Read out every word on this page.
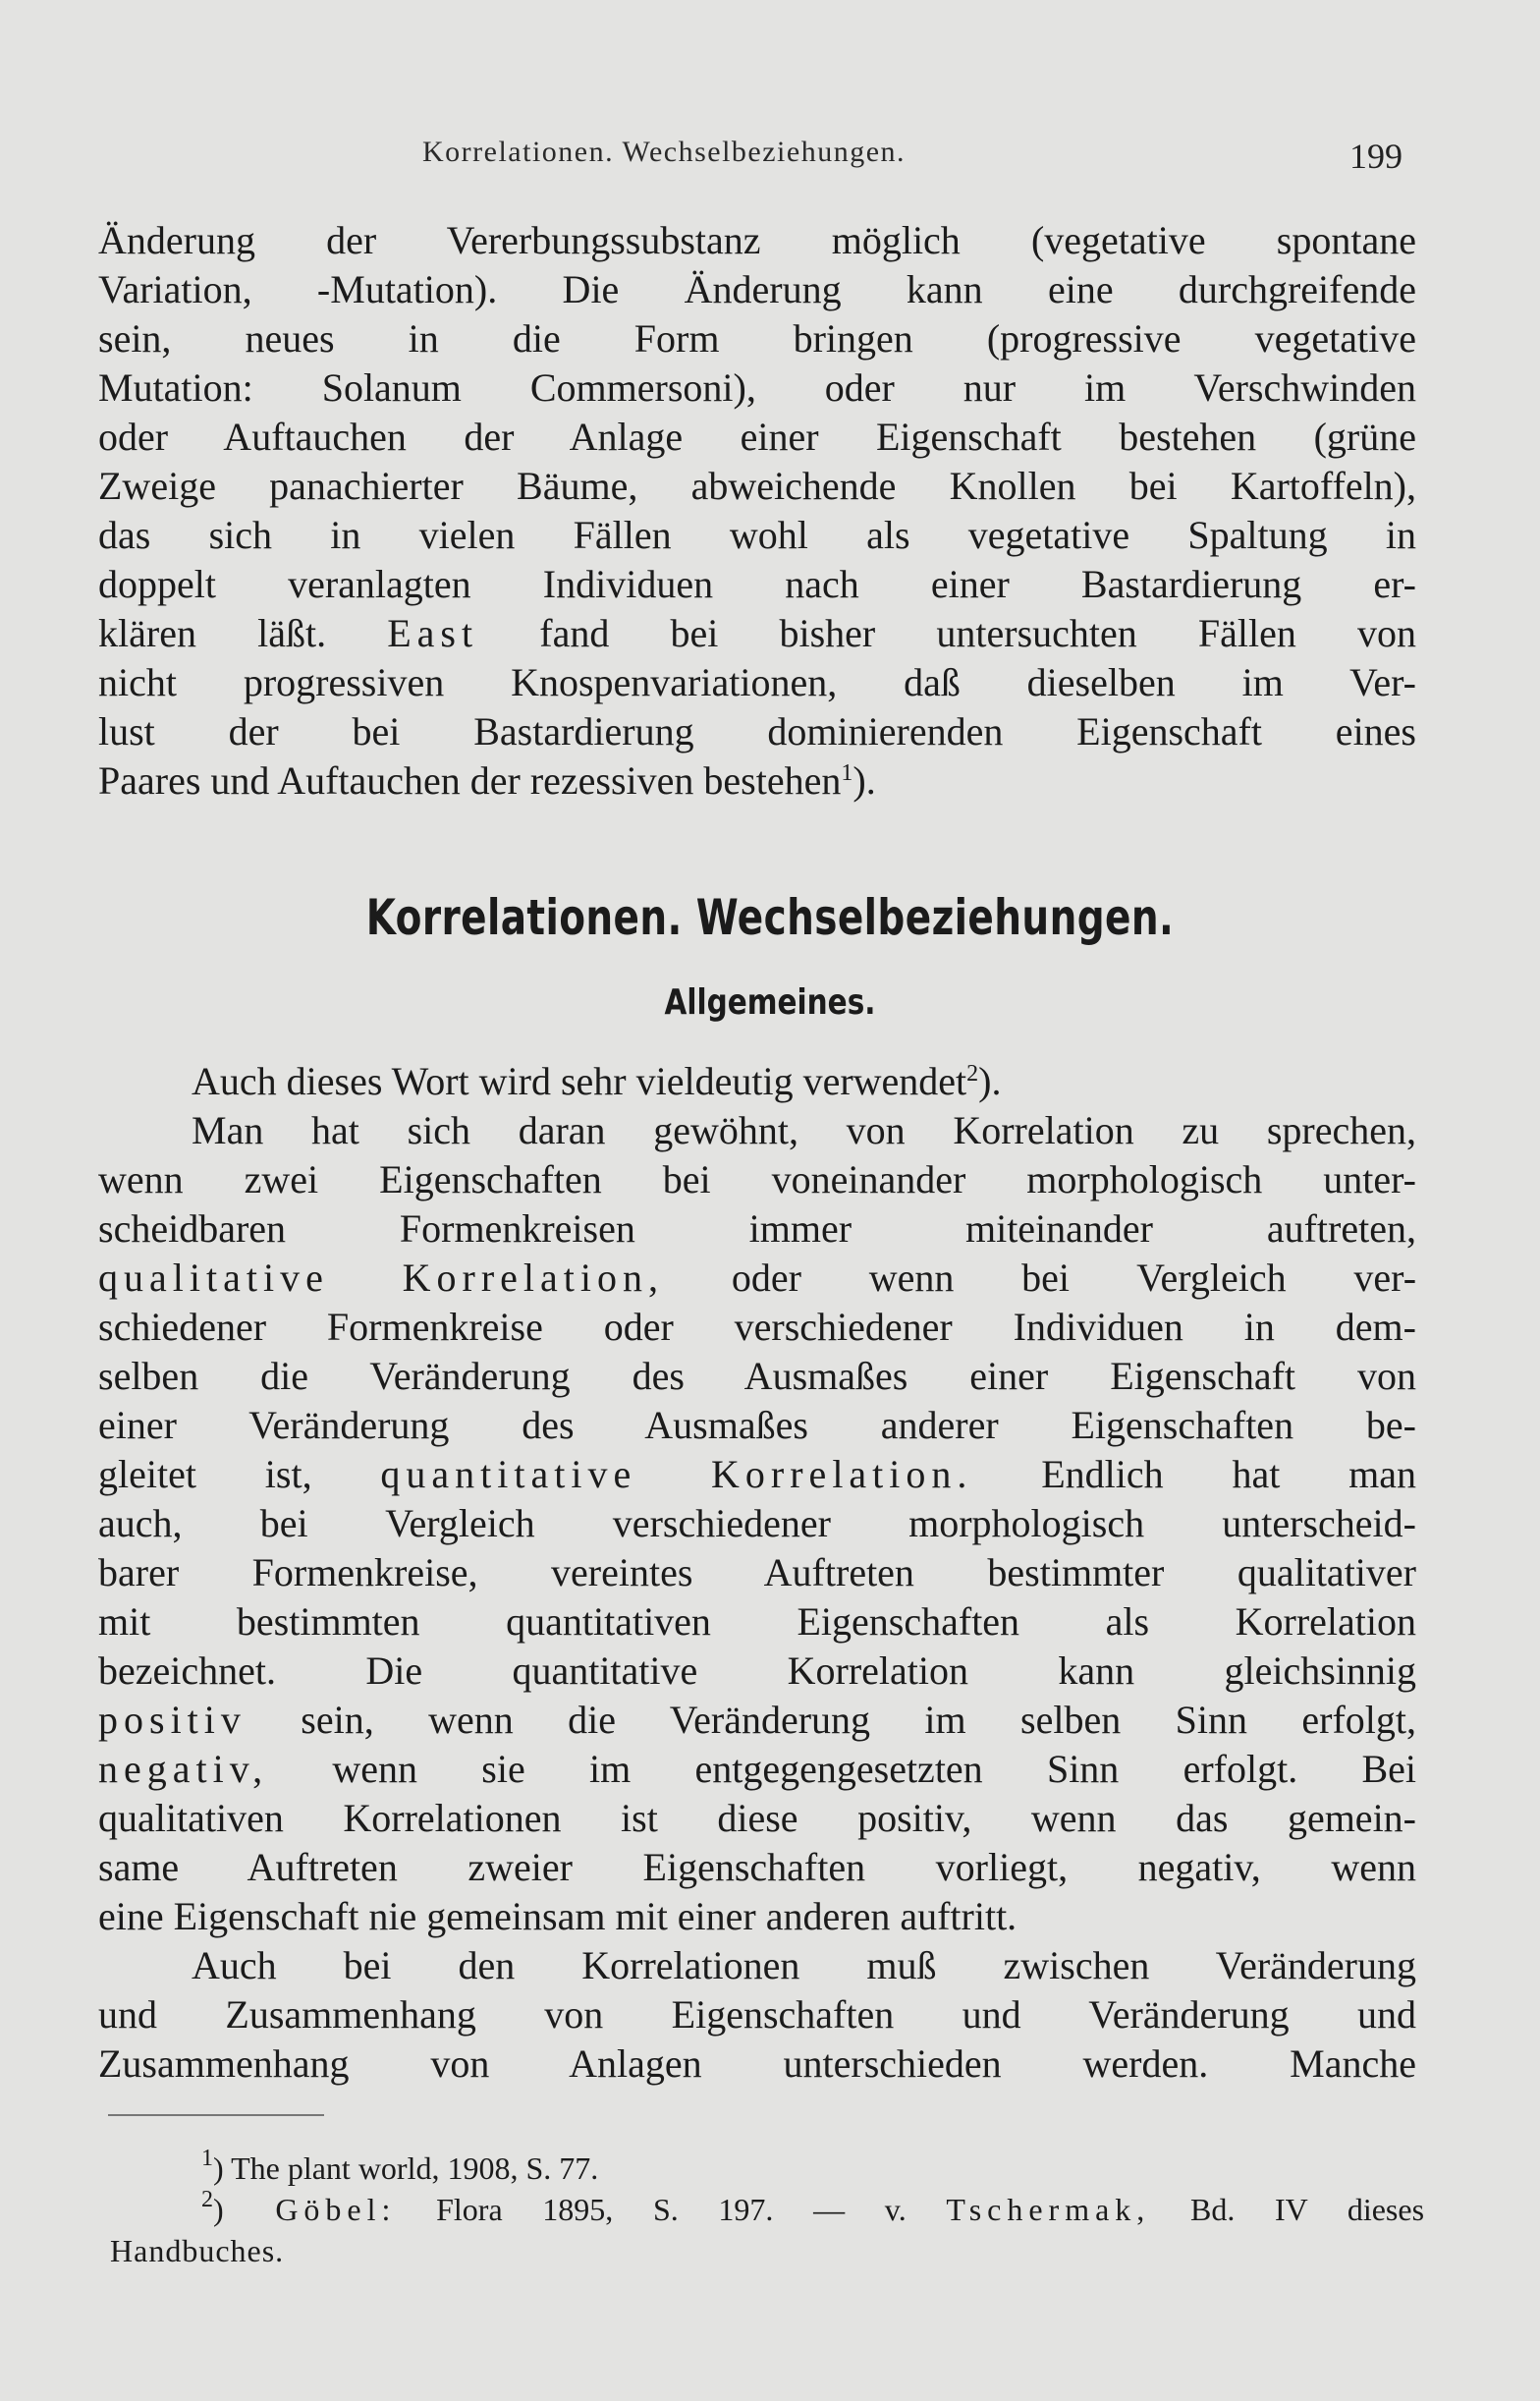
Korrelationen. Wechselbeziehungen.	199

Änderung der Vererbungssubstanz möglich (vegetative spontane

Variation, -Mutation). Die Änderung kann eine durchgreifende

sein, neues in die Form bringen (progressive vegetative

Mutation: Solanum Commersoni), oder nur im Verschwinden

oder Auftauchen der Anlage einer Eigenschaft bestehen (grüne

Zweige panachierter Bäume, abweichende Knollen bei Kartoffeln),

das sich in vielen Fällen wohl als vegetative Spaltung in

doppelt veranlagten Individuen nach einer Bastardierung er-

klären läßt. East fand bei bisher untersuchten Fällen von

nicht progressiven Knospenvariationen, daß dieselben im Ver-

lust der bei Bastardierung dominierenden Eigenschaft eines

Paares und Auftauchen der rezessiven bestehen$^1$).

Korrelationen. Wechselbeziehungen.
Allgemeines.

Auch dieses Wort wird sehr vieldeutig verwendet$^2$).

Man hat sich daran gewöhnt, von Korrelation zu sprechen,

wenn zwei Eigenschaften bei voneinander morphologisch unter-

scheidbaren Formenkreisen immer miteinander auftreten,

qualitative Korrelation, oder wenn bei Vergleich ver-

schiedener Formenkreise oder verschiedener Individuen in dem-

selben die Veränderung des Ausmaßes einer Eigenschaft von

einer Veränderung des Ausmaßes anderer Eigenschaften be-

gleitet ist, quantitative Korrelation. Endlich hat man

auch, bei Vergleich verschiedener morphologisch unterscheid-

barer Formenkreise, vereintes Auftreten bestimmter qualitativer

mit bestimmten quantitativen Eigenschaften als Korrelation

bezeichnet. Die quantitative Korrelation kann gleichsinnig

positiv sein, wenn die Veränderung im selben Sinn erfolgt,

negativ, wenn sie im entgegengesetzten Sinn erfolgt. Bei

qualitativen Korrelationen ist diese positiv, wenn das gemein-

same Auftreten zweier Eigenschaften vorliegt, negativ, wenn

eine Eigenschaft nie gemeinsam mit einer anderen auftritt.

Auch bei den Korrelationen muß zwischen Veränderung

und Zusammenhang von Eigenschaften und Veränderung und

Zusammenhang von Anlagen unterschieden werden. Manche

$^1$) The plant world, 1908, S. 77.

$^2$) Göbel: Flora 1895, S. 197. — v. Tschermak, Bd. IV dieses

Handbuches.
